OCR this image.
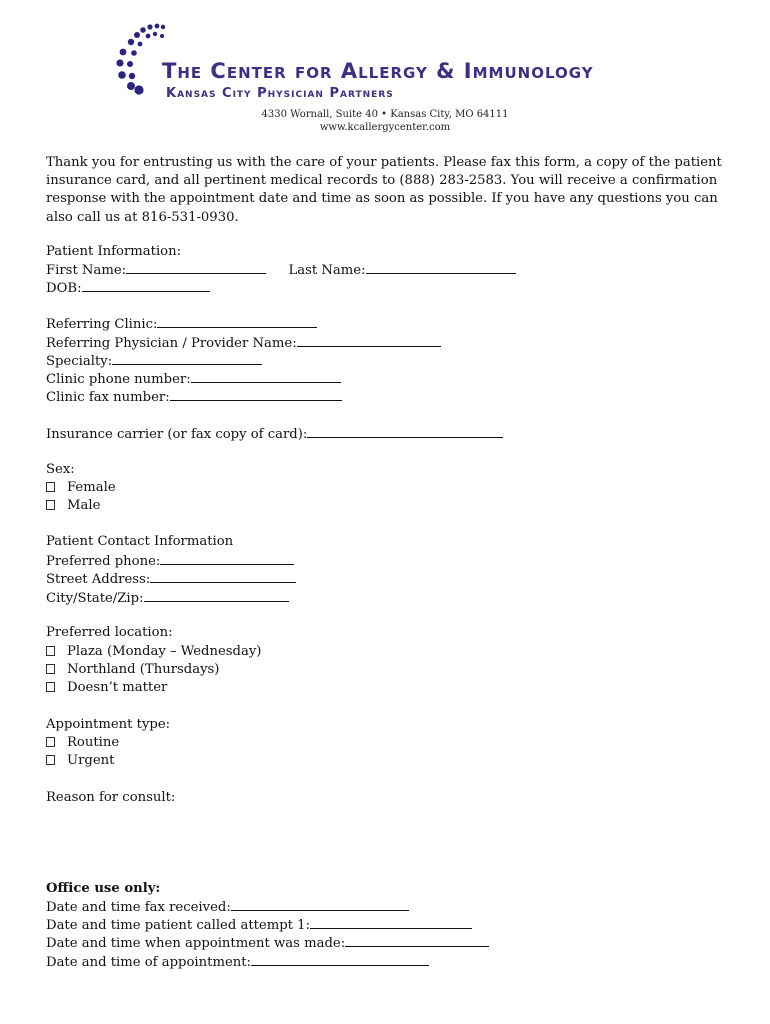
The Center for Allergy & Immunology
Kansas City Physician Partners
4330 Wornall, Suite 40 • Kansas City, MO 64111
www.kcallergycenter.com

Thank you for entrusting us with the care of your patients. Please fax this form, a copy of the patient insurance card, and all pertinent medical records to (888) 283-2583. You will receive a confirmation response with the appointment date and time as soon as possible. If you have any questions you can also call us at 816-531-0930.

Patient Information:
First Name:	Last Name:
DOB:
Referring Clinic:
Referring Physician / Provider Name:
Specialty:
Clinic phone number:
Clinic fax number:
Insurance carrier (or fax copy of card):
Sex:
Female
Male
Patient Contact Information
Preferred phone:
Street Address:
City/State/Zip:
Preferred location:
Plaza (Monday – Wednesday)
Northland (Thursdays)
Doesn’t matter
Appointment type:
Routine
Urgent
Reason for consult:
Office use only:
Date and time fax received:
Date and time patient called attempt 1:
Date and time when appointment was made:
Date and time of appointment:
